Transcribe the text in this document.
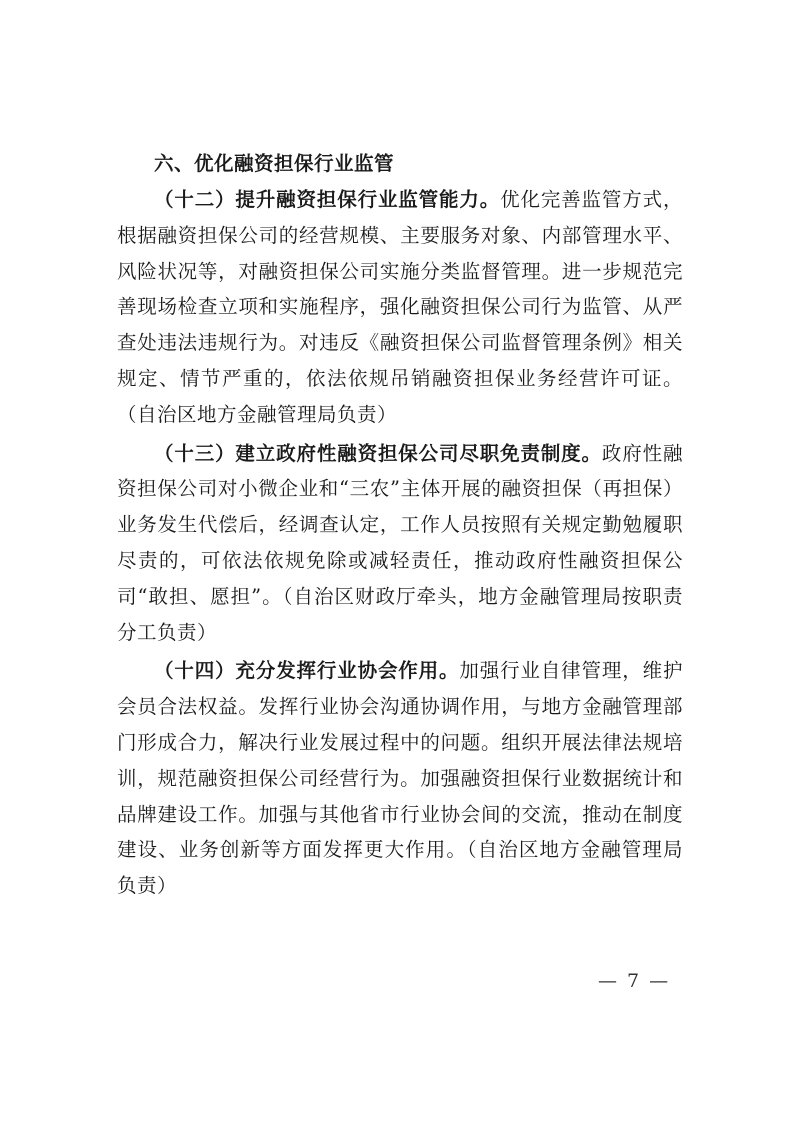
六、优化融资担保行业监管

（十二）提升融资担保行业监管能力。优化完善监管方式，根据融资担保公司的经营规模、主要服务对象、内部管理水平、风险状况等，对融资担保公司实施分类监督管理。进一步规范完善现场检查立项和实施程序，强化融资担保公司行为监管、从严查处违法违规行为。对违反《融资担保公司监督管理条例》相关规定、情节严重的，依法依规吊销融资担保业务经营许可证。（自治区地方金融管理局负责）

（十三）建立政府性融资担保公司尽职免责制度。政府性融资担保公司对小微企业和“三农”主体开展的融资担保（再担保）业务发生代偿后，经调查认定，工作人员按照有关规定勤勉履职尽责的，可依法依规免除或减轻责任，推动政府性融资担保公司“敢担、愿担”。（自治区财政厅牵头，地方金融管理局按职责分工负责）

（十四）充分发挥行业协会作用。加强行业自律管理，维护会员合法权益。发挥行业协会沟通协调作用，与地方金融管理部门形成合力，解决行业发展过程中的问题。组织开展法律法规培训，规范融资担保公司经营行为。加强融资担保行业数据统计和品牌建设工作。加强与其他省市行业协会间的交流，推动在制度建设、业务创新等方面发挥更大作用。（自治区地方金融管理局负责）

— 7 —
